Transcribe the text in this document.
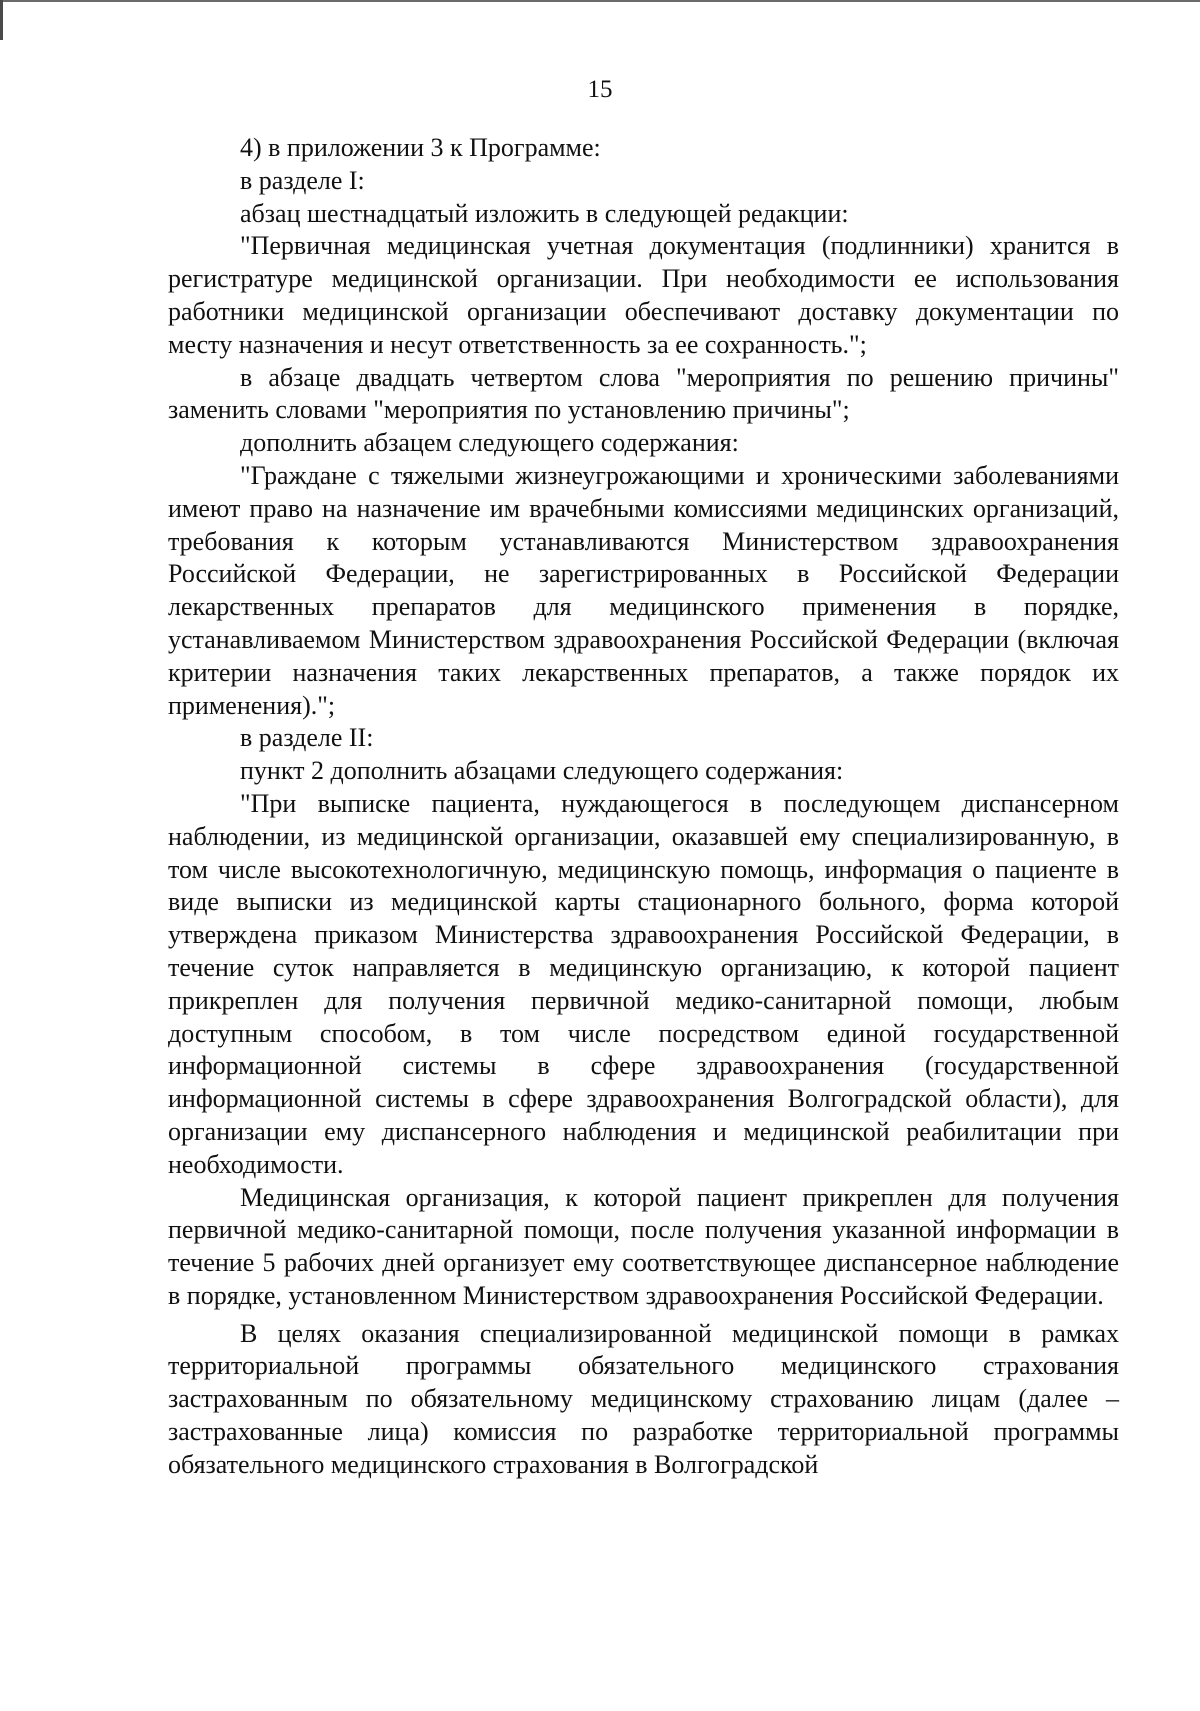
15

4) в приложении 3 к Программе:

в разделе I:

абзац шестнадцатый изложить в следующей редакции:

"Первичная медицинская учетная документация (подлинники) хранится в регистратуре медицинской организации. При необходимости ее использования работники медицинской организации обеспечивают доставку документации по месту назначения и несут ответственность за ее сохранность.";

в абзаце двадцать четвертом слова "мероприятия по решению причины" заменить словами "мероприятия по установлению причины";

дополнить абзацем следующего содержания:

"Граждане с тяжелыми жизнеугрожающими и хроническими заболеваниями имеют право на назначение им врачебными комиссиями медицинских организаций, требования к которым устанавливаются Министерством здравоохранения Российской Федерации, не зарегистрированных в Российской Федерации лекарственных препаратов для медицинского применения в порядке, устанавливаемом Министерством здравоохранения Российской Федерации (включая критерии назначения таких лекарственных препаратов, а также порядок их применения).";

в разделе II:

пункт 2 дополнить абзацами следующего содержания:

"При выписке пациента, нуждающегося в последующем диспансерном наблюдении, из медицинской организации, оказавшей ему специализированную, в том числе высокотехнологичную, медицинскую помощь, информация о пациенте в виде выписки из медицинской карты стационарного больного, форма которой утверждена приказом Министерства здравоохранения Российской Федерации, в течение суток направляется в медицинскую организацию, к которой пациент прикреплен для получения первичной медико-санитарной помощи, любым доступным способом, в том числе посредством единой государственной информационной системы в сфере здравоохранения (государственной информационной системы в сфере здравоохранения Волгоградской области), для организации ему диспансерного наблюдения и медицинской реабилитации при необходимости.

Медицинская организация, к которой пациент прикреплен для получения первичной медико-санитарной помощи, после получения указанной информации в течение 5 рабочих дней организует ему соответствующее диспансерное наблюдение в порядке, установленном Министерством здравоохранения Российской Федерации.

В целях оказания специализированной медицинской помощи в рамках территориальной программы обязательного медицинского страхования застрахованным по обязательному медицинскому страхованию лицам (далее – застрахованные лица) комиссия по разработке территориальной программы обязательного медицинского страхования в Волгоградской
